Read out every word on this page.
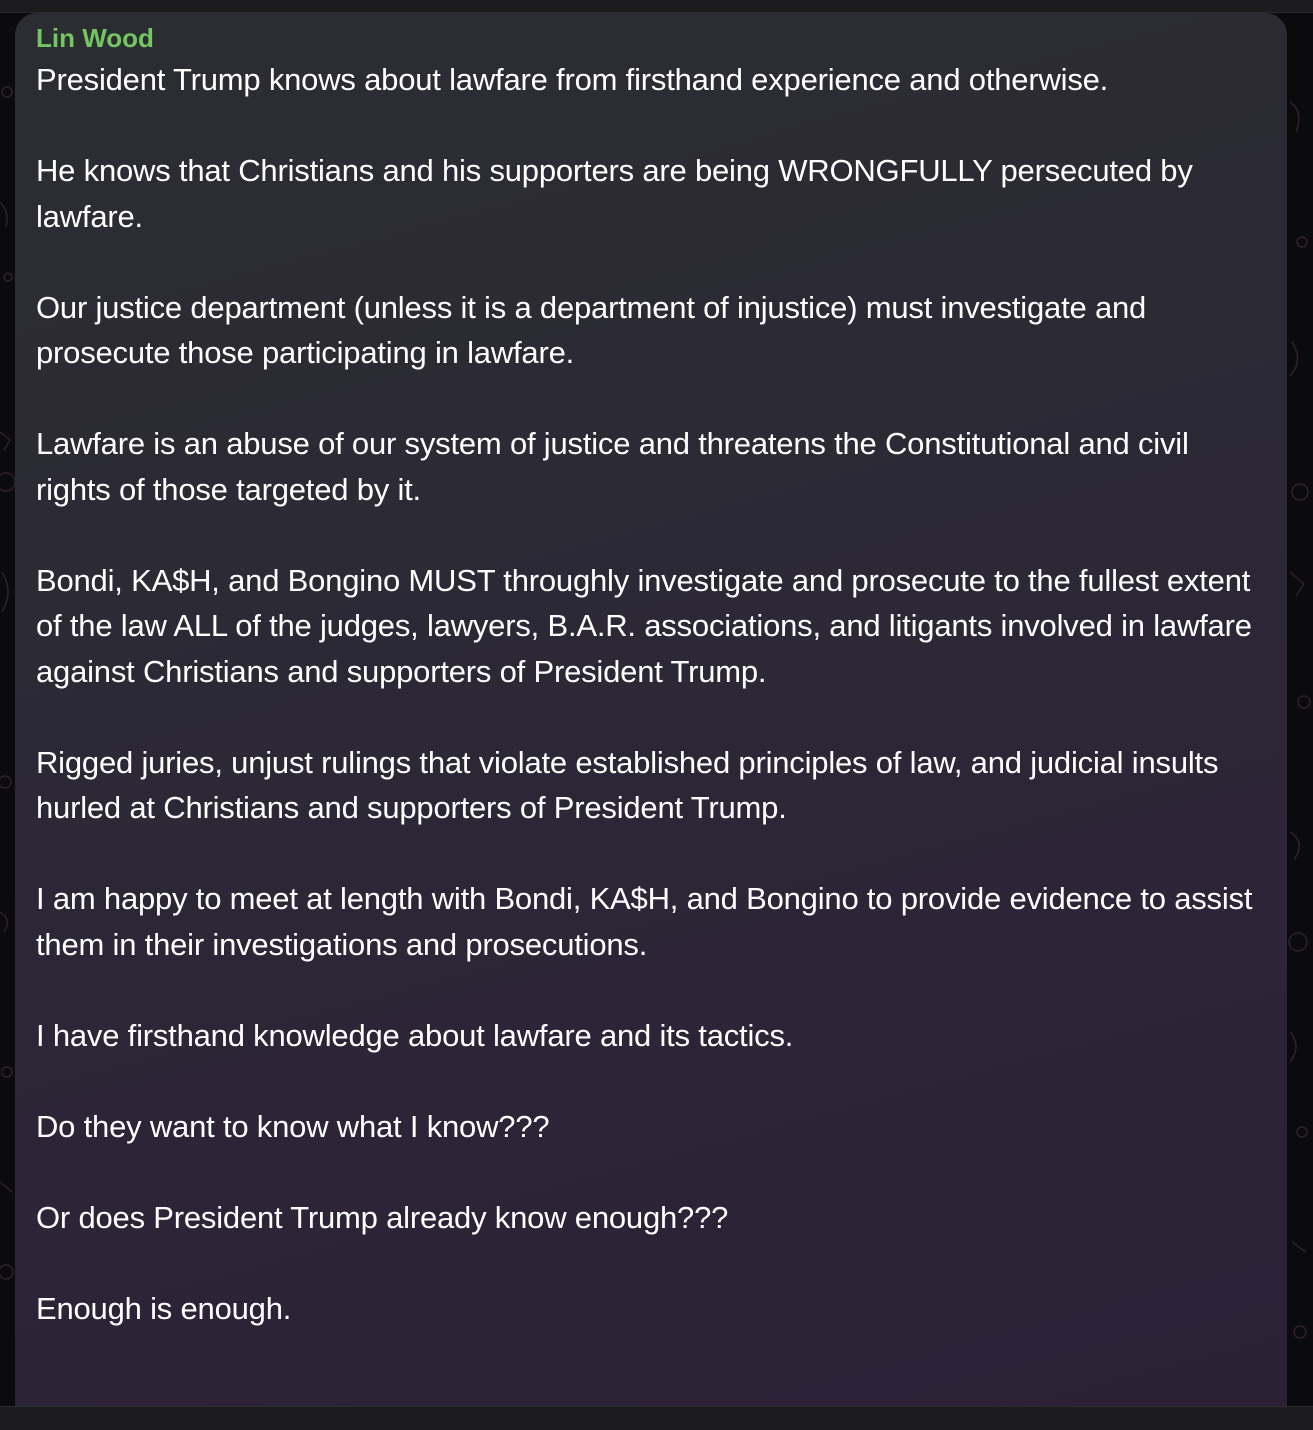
Lin Wood

President Trump knows about lawfare from firsthand experience and otherwise.

He knows that Christians and his supporters are being WRONGFULLY persecuted by lawfare.

Our justice department (unless it is a department of injustice) must investigate and prosecute those participating in lawfare.

Lawfare is an abuse of our system of justice and threatens the Constitutional and civil rights of those targeted by it.

Bondi, KA$H, and Bongino MUST throughly investigate and prosecute to the fullest extent of the law ALL of the judges, lawyers, B.A.R. associations, and litigants involved in lawfare against Christians and supporters of President Trump.

Rigged juries, unjust rulings that violate established principles of law, and judicial insults hurled at Christians and supporters of President Trump.

I am happy to meet at length with Bondi, KA$H, and Bongino to provide evidence to assist them in their investigations and prosecutions.

I have firsthand knowledge about lawfare and its tactics.

Do they want to know what I know???

Or does President Trump already know enough???

Enough is enough.
